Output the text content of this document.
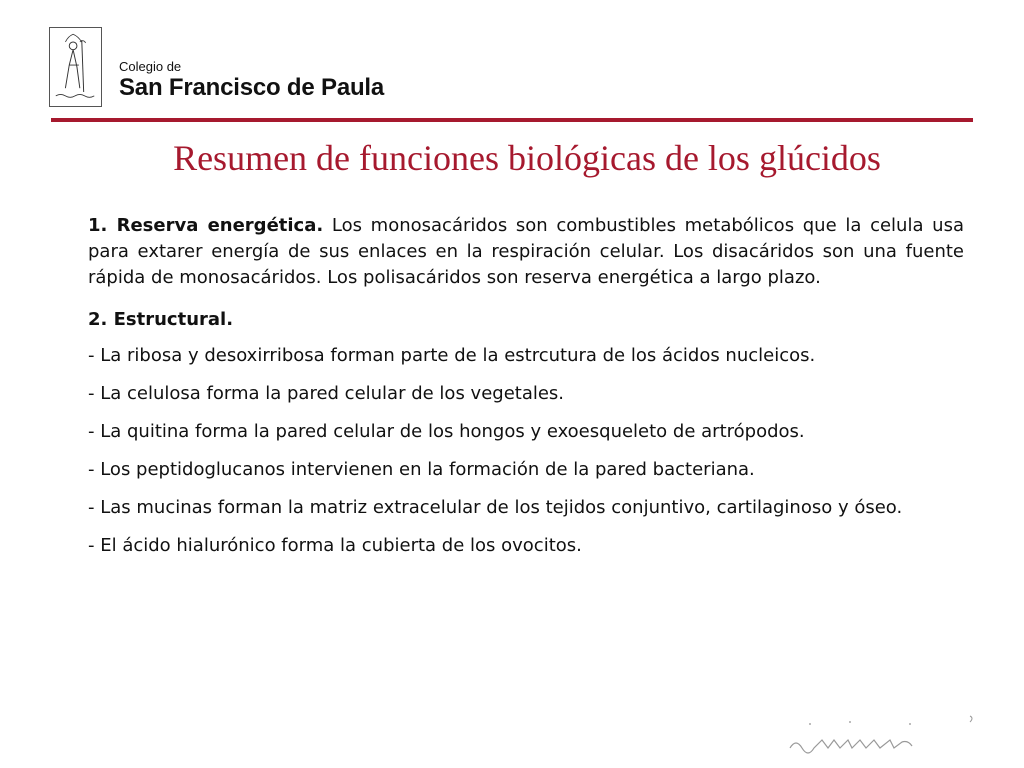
Colegio de
San Francisco de Paula
Resumen de funciones biológicas de los glúcidos

1. Reserva energética. Los monosacáridos son combustibles metabólicos que la celula usa para extarer energía de sus enlaces en la respiración celular. Los disacáridos son una fuente rápida de monosacáridos. Los polisacáridos son reserva energética a largo plazo.

2. Estructural.

- La ribosa y desoxirribosa forman parte de la estrcutura de los ácidos nucleicos.

- La celulosa forma la pared celular de los vegetales.

- La quitina forma la pared celular de los hongos y exoesqueleto de artrópodos.

- Los peptidoglucanos intervienen en la formación de la pared bacteriana.

- Las mucinas forman la matriz extracelular de los tejidos conjuntivo, cartilaginoso y óseo.

- El ácido hialurónico forma la cubierta de los ovocitos.
